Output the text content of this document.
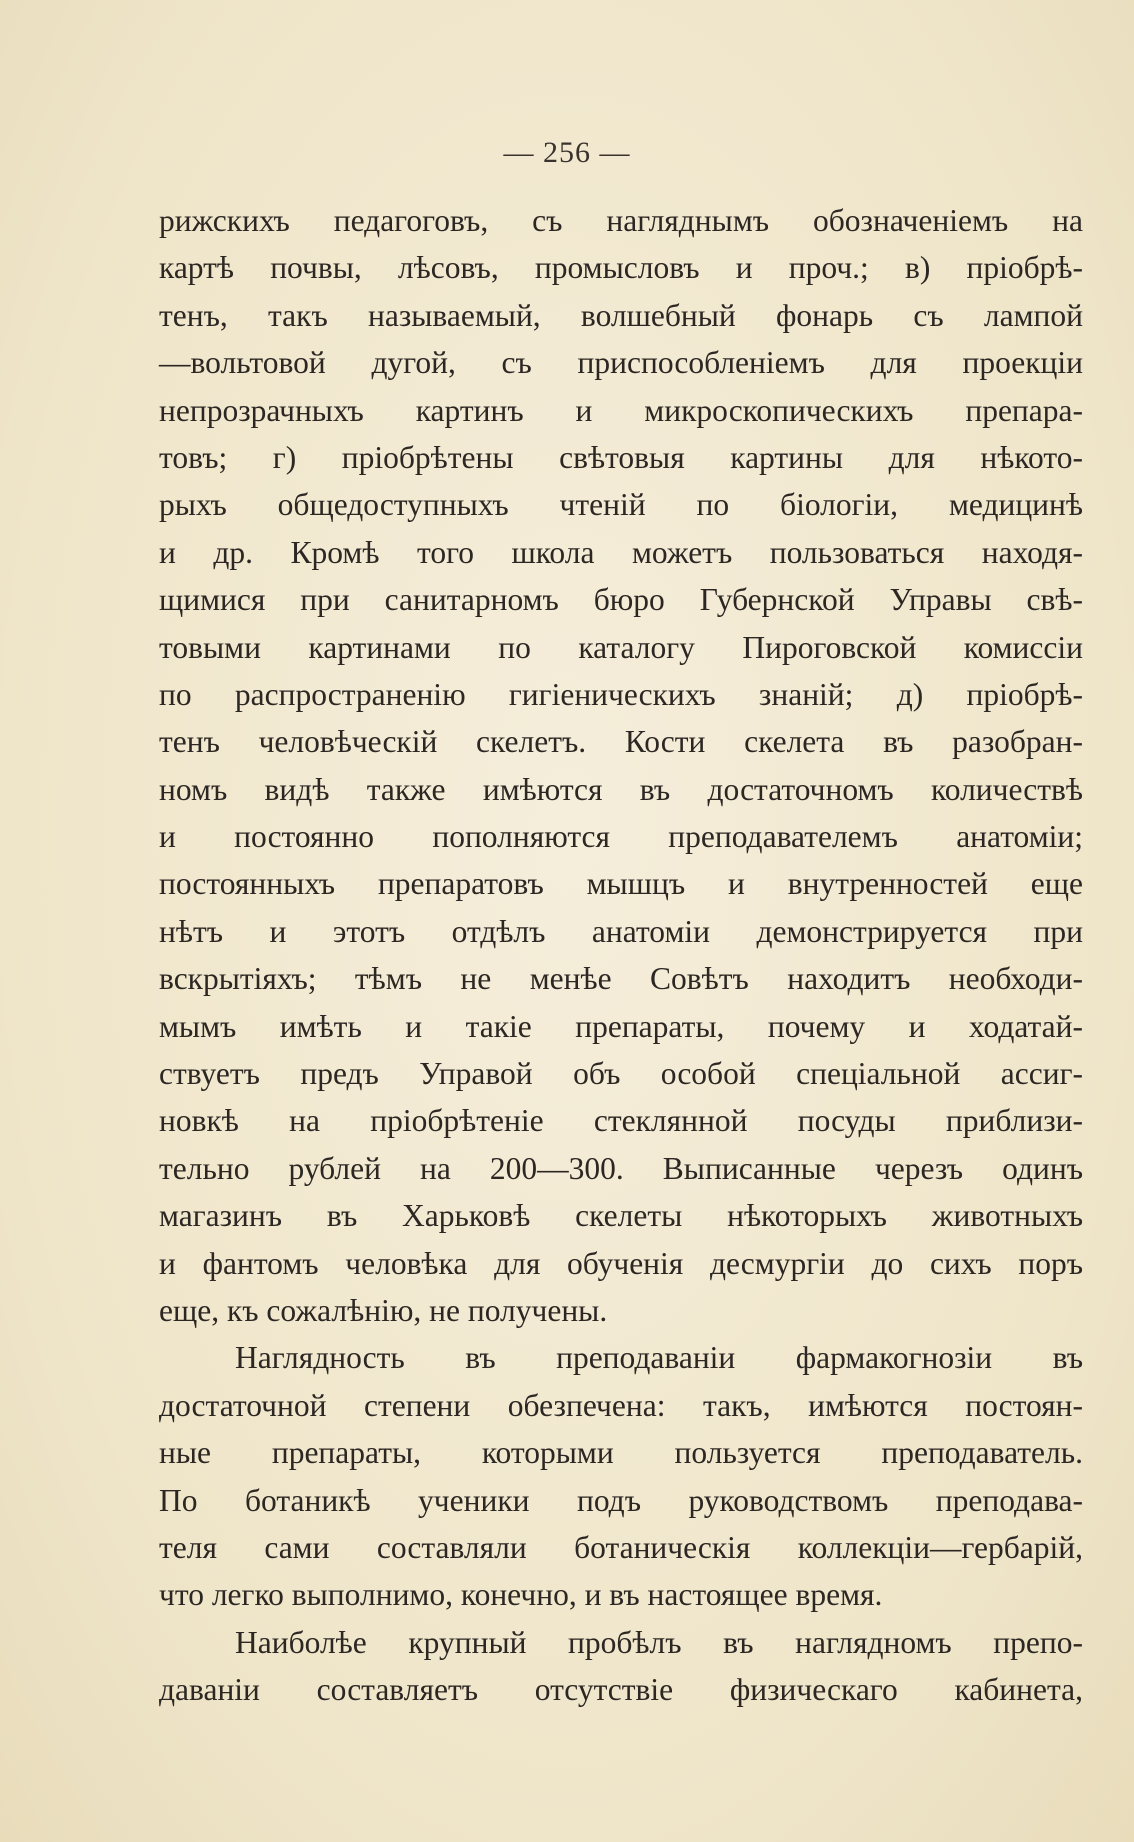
— 256 —
рижскихъ педагоговъ, съ нагляднымъ обозначеніемъ на
картѣ почвы, лѣсовъ, промысловъ и проч.; в) пріобрѣ-
тенъ, такъ называемый, волшебный фонарь съ лампой
—вольтовой дугой, съ приспособленіемъ для проекціи
непрозрачныхъ картинъ и микроскопическихъ препара-
товъ; г) пріобрѣтены свѣтовыя картины для нѣкото-
рыхъ общедоступныхъ чтеній по біологіи, медицинѣ
и др. Кромѣ того школа можетъ пользоваться находя-
щимися при санитарномъ бюро Губернской Управы свѣ-
товыми картинами по каталогу Пироговской комиссіи
по распространенію гигіеническихъ знаній; д) пріобрѣ-
тенъ человѣческій скелетъ. Кости скелета въ разобран-
номъ видѣ также имѣются въ достаточномъ количествѣ
и постоянно пополняются преподавателемъ анатоміи;
постоянныхъ препаратовъ мышцъ и внутренностей еще
нѣтъ и этотъ отдѣлъ анатоміи демонстрируется при
вскрытіяхъ; тѣмъ не менѣе Совѣтъ находитъ необходи-
мымъ имѣть и такіе препараты, почему и ходатай-
ствуетъ предъ Управой объ особой спеціальной ассиг-
новкѣ на пріобрѣтеніе стеклянной посуды приблизи-
тельно рублей на 200—300. Выписанные черезъ одинъ
магазинъ въ Харьковѣ скелеты нѣкоторыхъ животныхъ
и фантомъ человѣка для обученія десмургіи до сихъ поръ
еще, къ сожалѣнію, не получены.
Наглядность въ преподаваніи фармакогнозіи въ
достаточной степени обезпечена: такъ, имѣются постоян-
ные препараты, которыми пользуется преподаватель.
По ботаникѣ ученики подъ руководствомъ преподава-
теля сами составляли ботаническія коллекціи—гербарій,
что легко выполнимо, конечно, и въ настоящее время.
Наиболѣе крупный пробѣлъ въ наглядномъ препо-
даваніи составляетъ отсутствіе физическаго кабинета,
